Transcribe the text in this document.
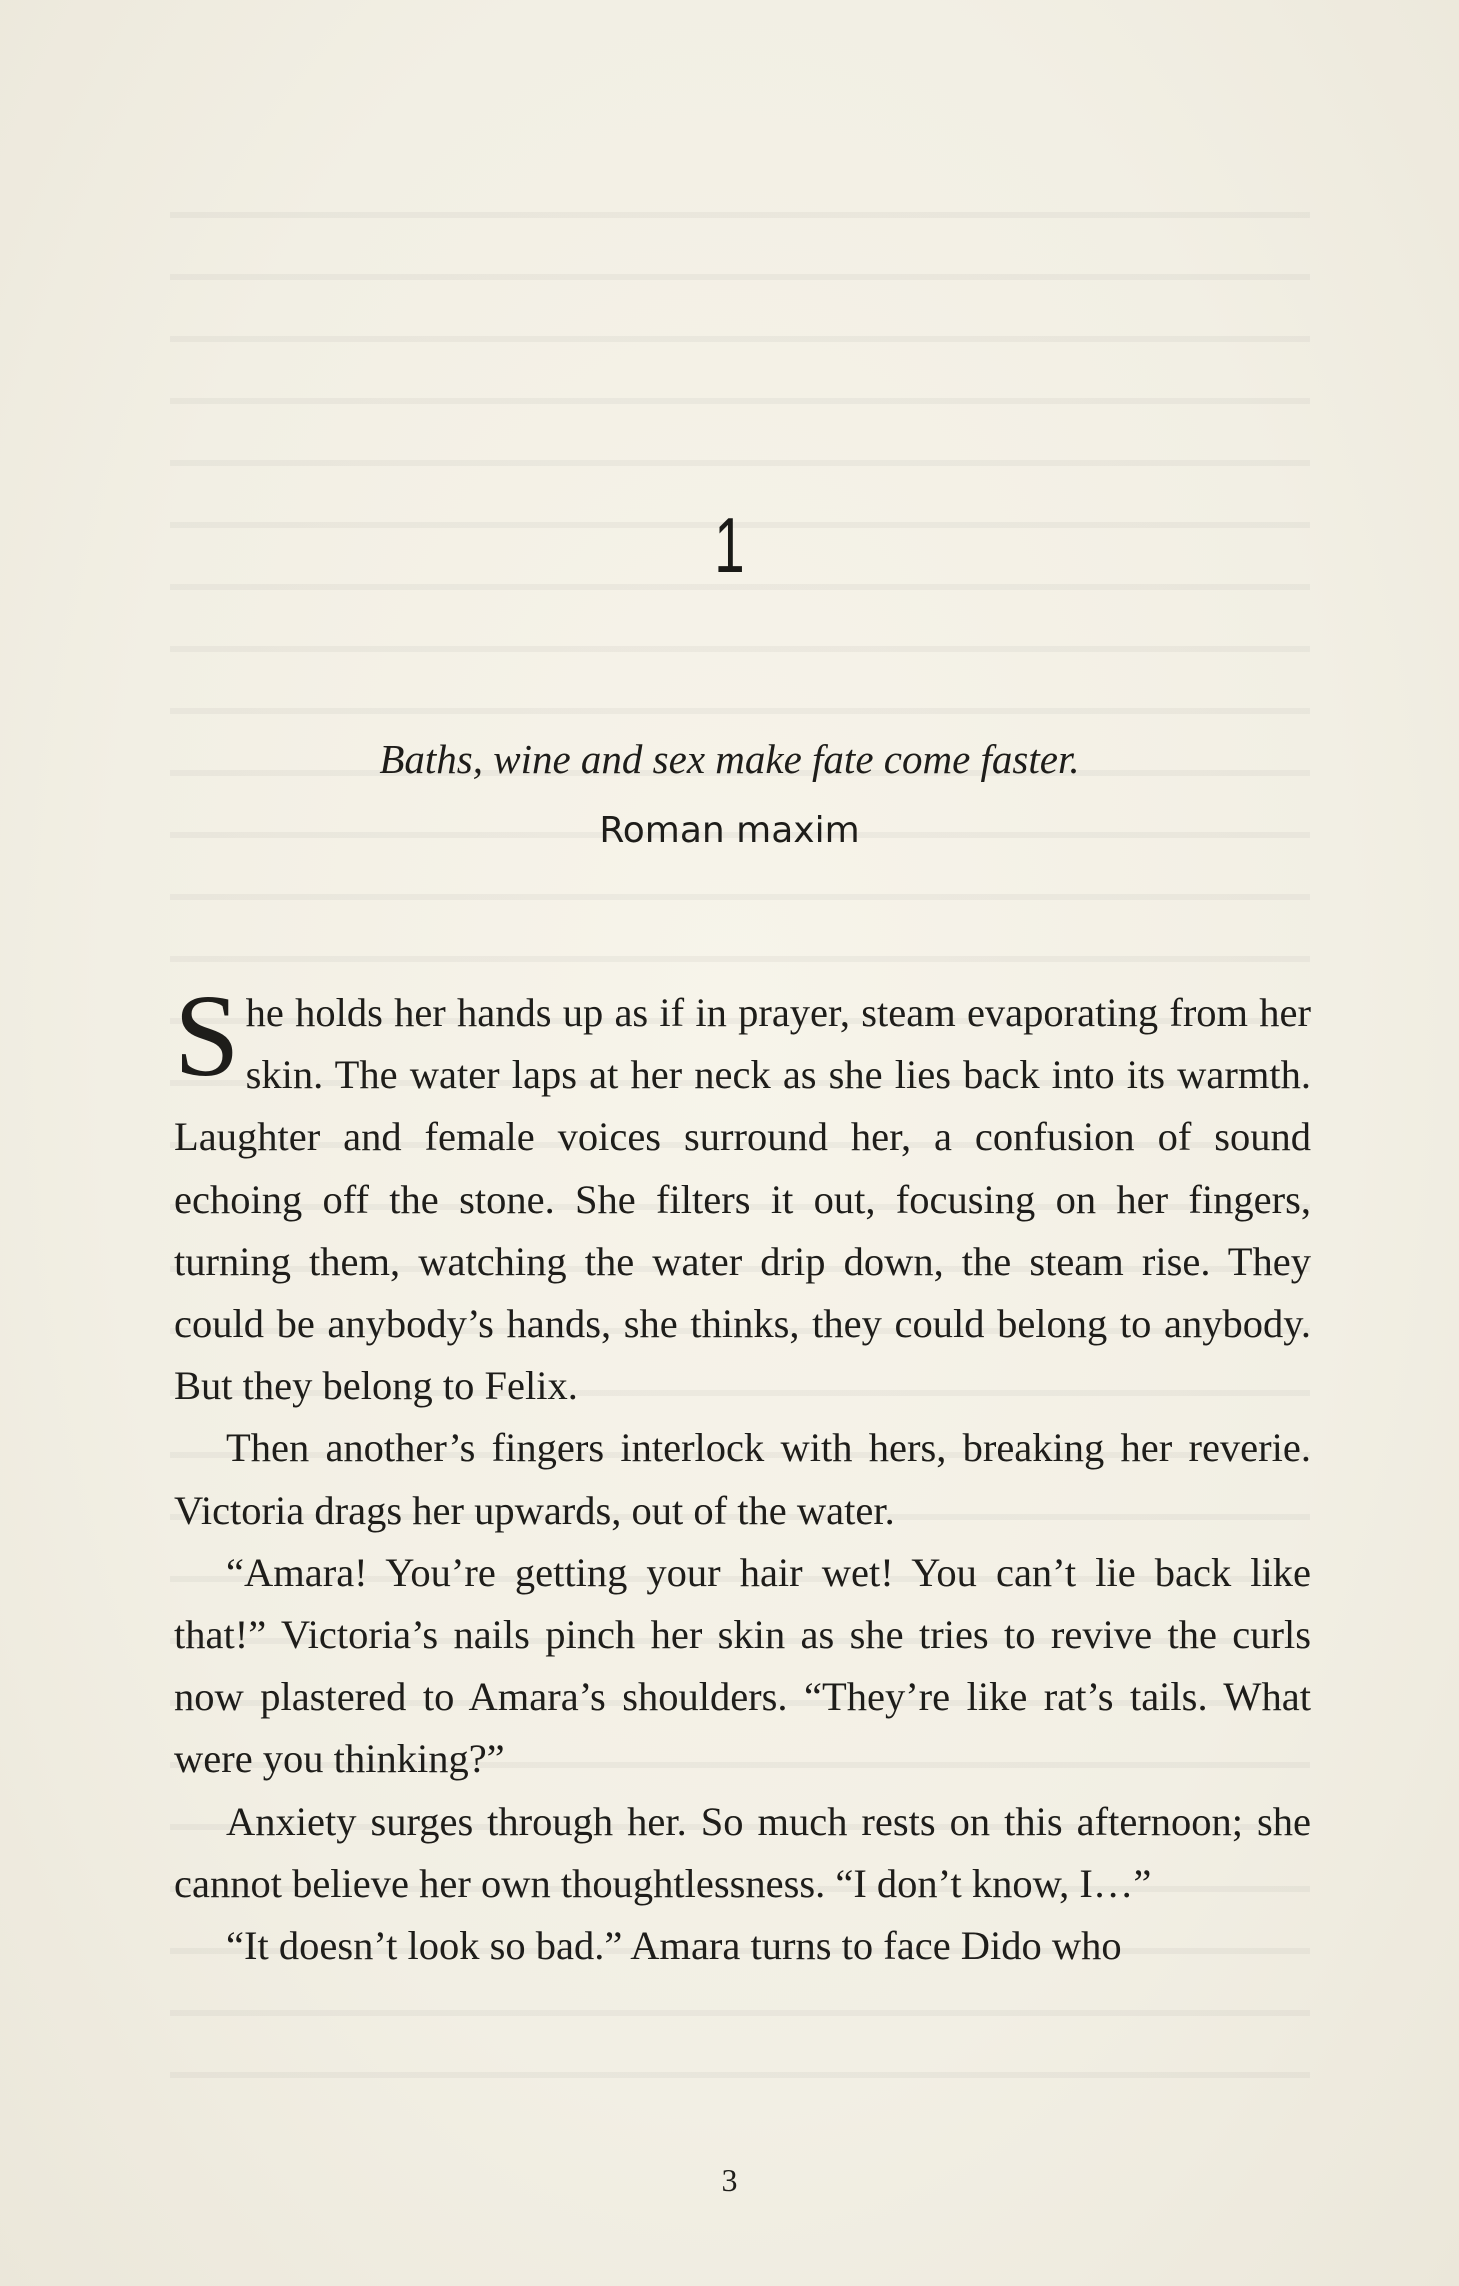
1
Baths, wine and sex make fate come faster.
Roman maxim

She holds her hands up as if in prayer, steam evaporating from her skin. The water laps at her neck as she lies back into its warmth. Laughter and female voices surround her, a confusion of sound echoing off the stone. She filters it out, focusing on her fingers, turning them, watching the water drip down, the steam rise. They could be anybody’s hands, she thinks, they could belong to anybody. But they belong to Felix.

Then another’s fingers interlock with hers, breaking her reverie. Victoria drags her upwards, out of the water.

“Amara! You’re getting your hair wet! You can’t lie back like that!” Victoria’s nails pinch her skin as she tries to revive the curls now plastered to Amara’s shoulders. “They’re like rat’s tails. What were you thinking?”

Anxiety surges through her. So much rests on this afternoon; she cannot believe her own thoughtlessness. “I don’t know, I…”

“It doesn’t look so bad.” Amara turns to face Dido who

3
